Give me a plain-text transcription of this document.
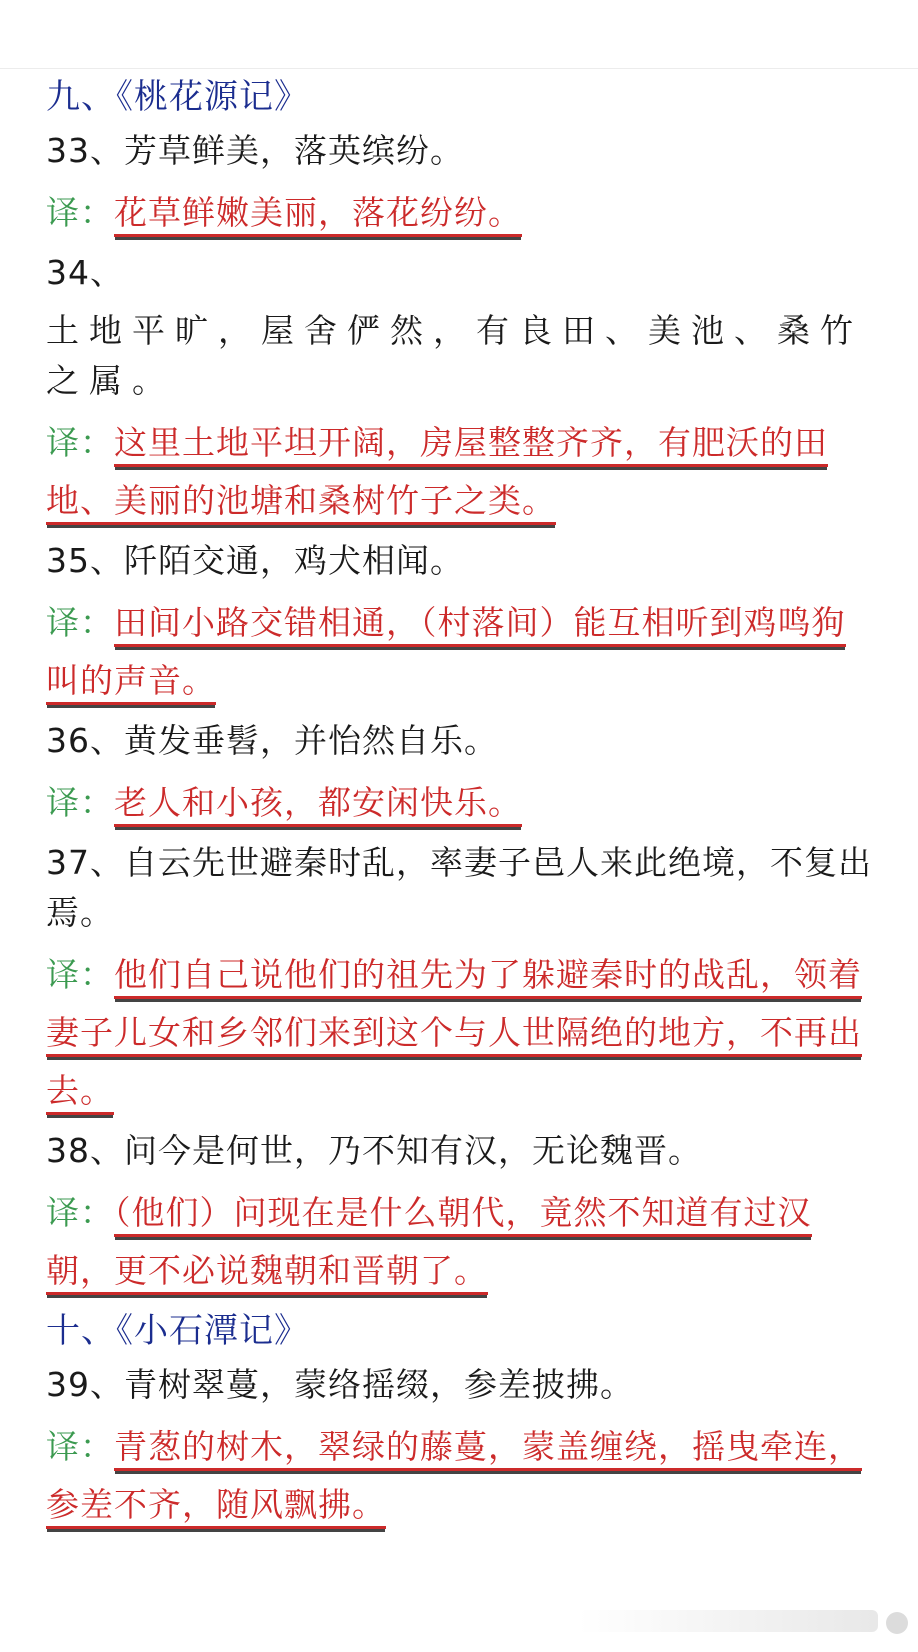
九、《桃花源记》
33、芳草鲜美，落英缤纷。
译：花草鲜嫩美丽，落花纷纷。
34、
土地平旷，屋舍俨然，有良田、美池、桑竹之属。
译：这里土地平坦开阔，房屋整整齐齐，有肥沃的田地、美丽的池塘和桑树竹子之类。
35、阡陌交通，鸡犬相闻。
译：田间小路交错相通，（村落间）能互相听到鸡鸣狗叫的声音。
36、黄发垂髫，并怡然自乐。
译：老人和小孩，都安闲快乐。
37、自云先世避秦时乱，率妻子邑人来此绝境，不复出焉。
译：他们自己说他们的祖先为了躲避秦时的战乱，领着妻子儿女和乡邻们来到这个与人世隔绝的地方，不再出去。
38、问今是何世，乃不知有汉，无论魏晋。
译：（他们）问现在是什么朝代，竟然不知道有过汉朝，更不必说魏朝和晋朝了。
十、《小石潭记》
39、青树翠蔓，蒙络摇缀，参差披拂。
译：青葱的树木，翠绿的藤蔓，蒙盖缠绕，摇曳牵连，参差不齐，随风飘拂。
